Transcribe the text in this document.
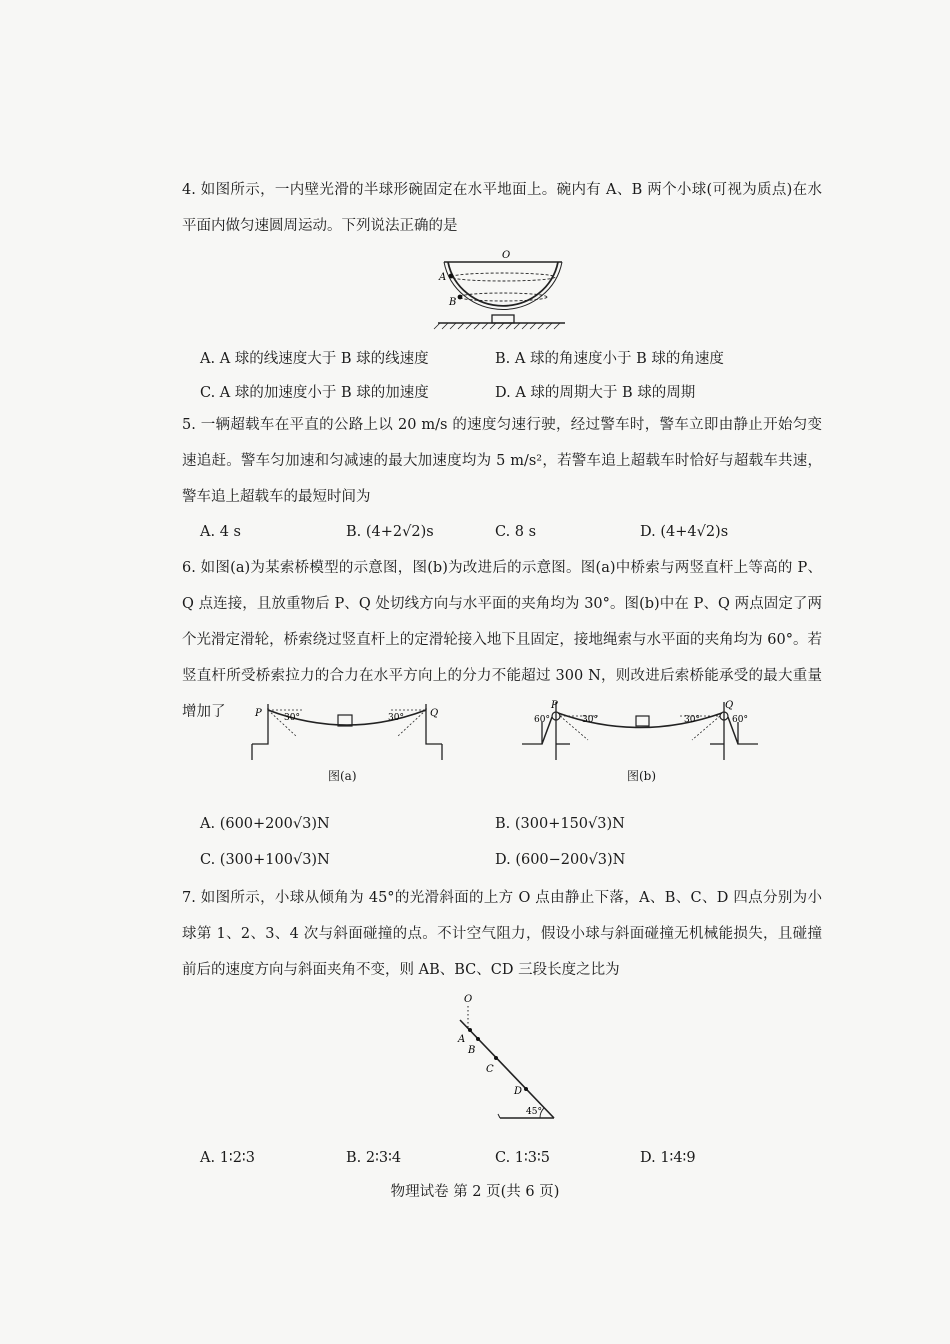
4. 如图所示，一内壁光滑的半球形碗固定在水平地面上。碗内有 A、B 两个小球(可视为质点)在水平面内做匀速圆周运动。下列说法正确的是
O
A
B
A. A 球的线速度大于 B 球的线速度	B. A 球的角速度小于 B 球的角速度
C. A 球的加速度小于 B 球的加速度	D. A 球的周期大于 B 球的周期
5. 一辆超载车在平直的公路上以 20 m/s 的速度匀速行驶，经过警车时，警车立即由静止开始匀变速追赶。警车匀加速和匀减速的最大加速度均为 5 m/s²，若警车追上超载车时恰好与超载车共速，警车追上超载车的最短时间为
A. 4 s	B. (4+2√2)s	C. 8 s	D. (4+4√2)s
6. 如图(a)为某索桥模型的示意图，图(b)为改进后的示意图。图(a)中桥索与两竖直杆上等高的 P、Q 点连接，且放重物后 P、Q 处切线方向与水平面的夹角均为 30°。图(b)中在 P、Q 两点固定了两个光滑定滑轮，桥索绕过竖直杆上的定滑轮接入地下且固定，接地绳索与水平面的夹角均为 60°。若竖直杆所受桥索拉力的合力在水平方向上的分力不能超过 300 N，则改进后索桥能承受的最大重量增加了	P	Q
30°	30°
图(a)
P	Q
60°	30°	30°	60°
图(b)
A. (600+200√3)N	B. (300+150√3)N
C. (300+100√3)N	D. (600−200√3)N
7. 如图所示，小球从倾角为 45°的光滑斜面的上方 O 点由静止下落，A、B、C、D 四点分别为小球第 1、2、3、4 次与斜面碰撞的点。不计空气阻力，假设小球与斜面碰撞无机械能损失，且碰撞前后的速度方向与斜面夹角不变，则 AB、BC、CD 三段长度之比为
O
A
B
C
D
45°
A. 1∶2∶3	B. 2∶3∶4	C. 1∶3∶5	D. 1∶4∶9
物理试卷 第 2 页(共 6 页)
